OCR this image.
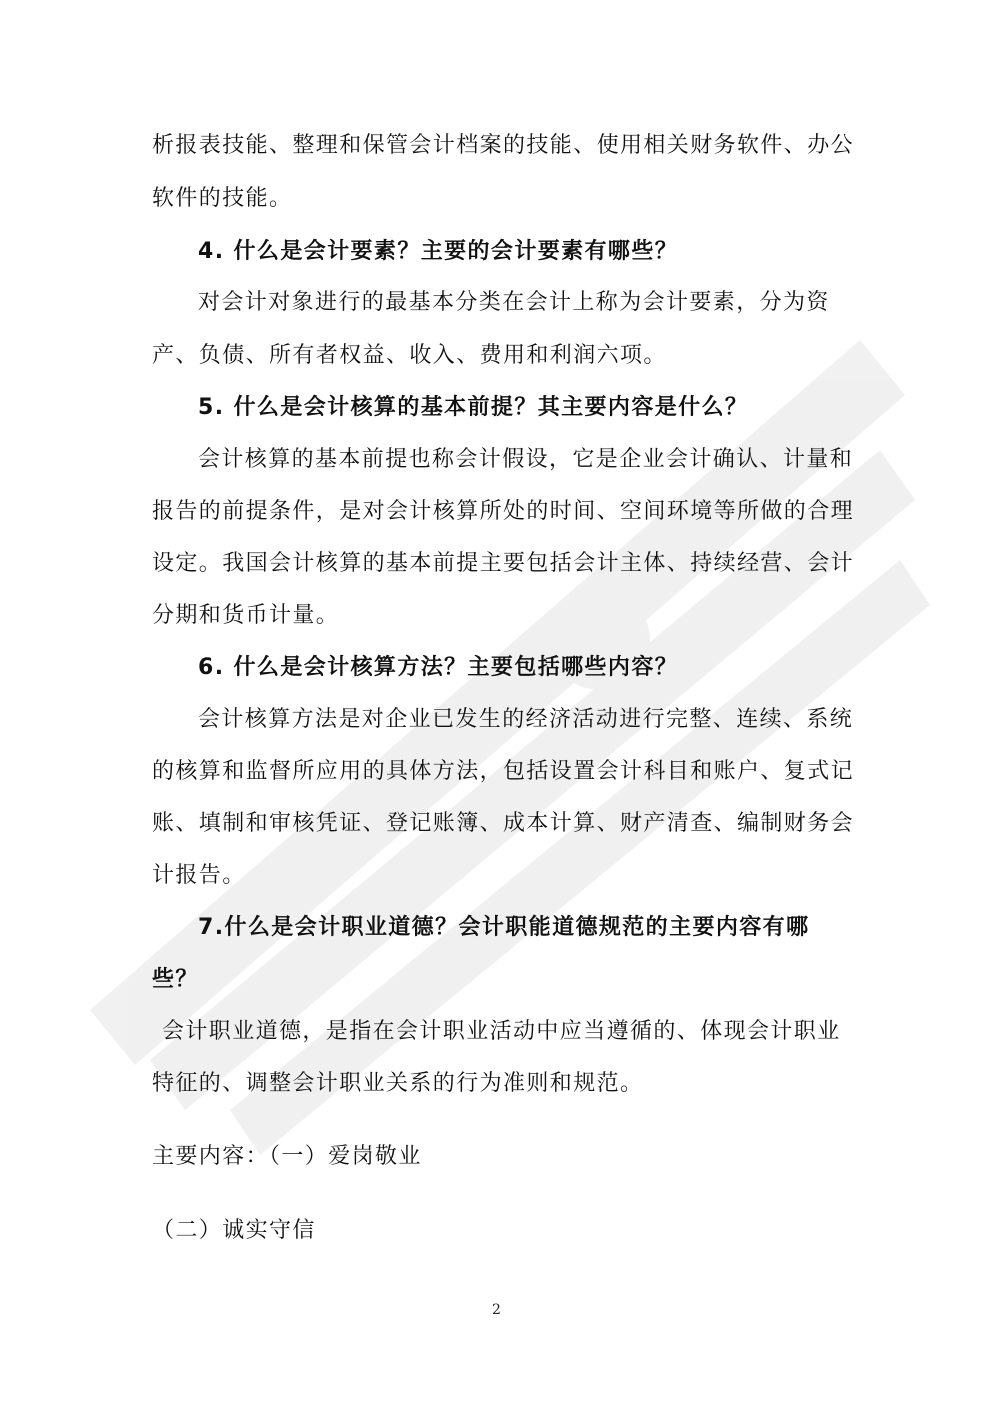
析报表技能、整理和保管会计档案的技能、使用相关财务软件、办公
软件的技能。
4. 什么是会计要素？主要的会计要素有哪些？
对会计对象进行的最基本分类在会计上称为会计要素，分为资
产、负债、所有者权益、收入、费用和利润六项。
5. 什么是会计核算的基本前提？其主要内容是什么？
会计核算的基本前提也称会计假设，它是企业会计确认、计量和
报告的前提条件，是对会计核算所处的时间、空间环境等所做的合理
设定。我国会计核算的基本前提主要包括会计主体、持续经营、会计
分期和货币计量。
6. 什么是会计核算方法？主要包括哪些内容？
会计核算方法是对企业已发生的经济活动进行完整、连续、系统
的核算和监督所应用的具体方法，包括设置会计科目和账户、复式记
账、填制和审核凭证、登记账簿、成本计算、财产清查、编制财务会
计报告。
7.什么是会计职业道德？会计职能道德规范的主要内容有哪
些？
会计职业道德，是指在会计职业活动中应当遵循的、体现会计职业
特征的、调整会计职业关系的行为准则和规范。
主要内容：（一）爱岗敬业
（二）诚实守信
2
